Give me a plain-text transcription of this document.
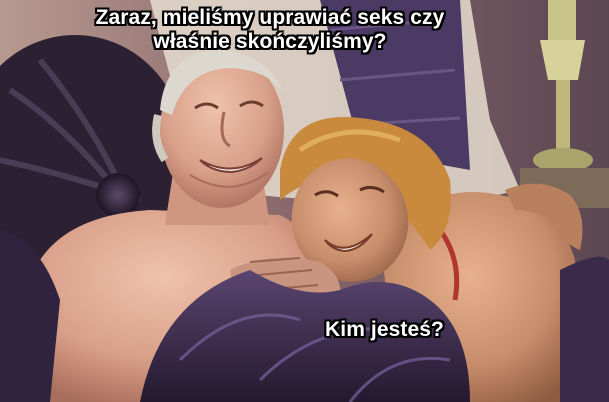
Zaraz, mieliśmy uprawiać seks czy
właśnie skończyliśmy?
Kim jesteś?
